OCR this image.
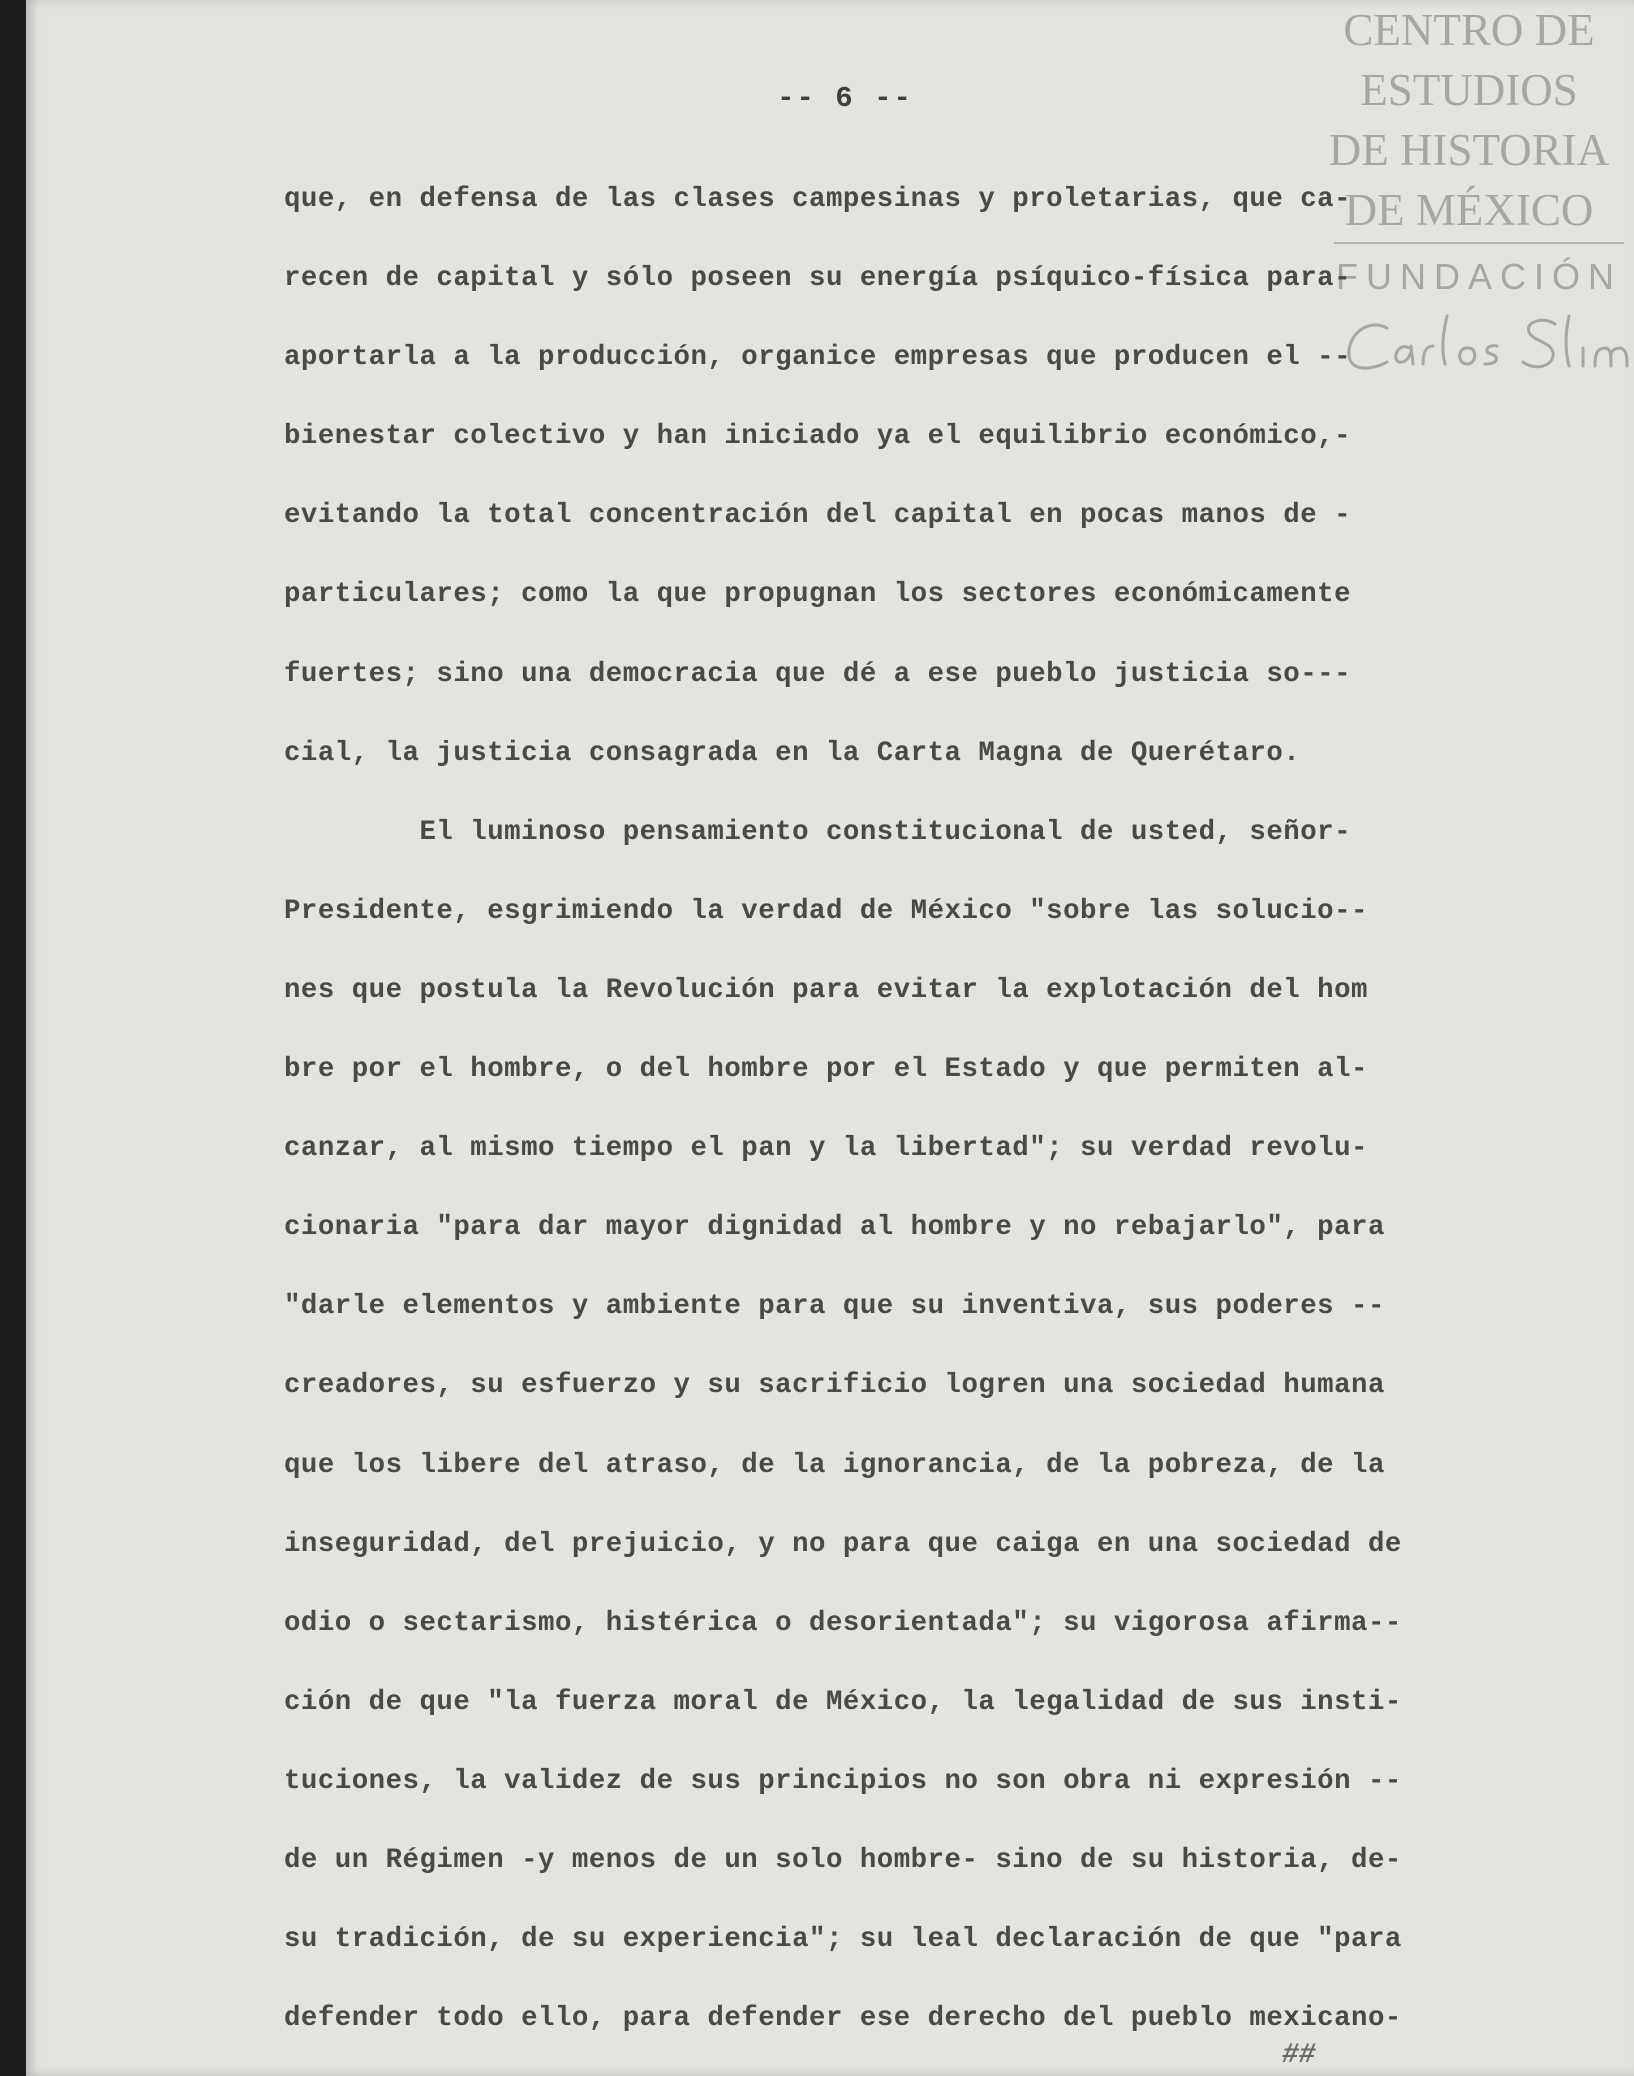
CENTRO DE
ESTUDIOS
DE HISTORIA
DE MÉXICO
FUNDACIÓN
-- 6 --
que, en defensa de las clases campesinas y proletarias, que ca-
recen de capital y sólo poseen su energía psíquico-física para-
aportarla a la producción, organice empresas que producen el --
bienestar colectivo y han iniciado ya el equilibrio económico,-
evitando la total concentración del capital en pocas manos de -
particulares; como la que propugnan los sectores económicamente
fuertes; sino una democracia que dé a ese pueblo justicia so---
cial, la justicia consagrada en la Carta Magna de Querétaro.
El luminoso pensamiento constitucional de usted, señor-
Presidente, esgrimiendo la verdad de México "sobre las solucio--
nes que postula la Revolución para evitar la explotación del hom
bre por el hombre, o del hombre por el Estado y que permiten al-
canzar, al mismo tiempo el pan y la libertad"; su verdad revolu-
cionaria "para dar mayor dignidad al hombre y no rebajarlo", para
"darle elementos y ambiente para que su inventiva, sus poderes --
creadores, su esfuerzo y su sacrificio logren una sociedad humana
que los libere del atraso, de la ignorancia, de la pobreza, de la
inseguridad, del prejuicio, y no para que caiga en una sociedad de
odio o sectarismo, histérica o desorientada"; su vigorosa afirma--
ción de que "la fuerza moral de México, la legalidad de sus insti-
tuciones, la validez de sus principios no son obra ni expresión --
de un Régimen -y menos de un solo hombre- sino de su historia, de-
su tradición, de su experiencia"; su leal declaración de que "para
defender todo ello, para defender ese derecho del pueblo mexicano-
##
